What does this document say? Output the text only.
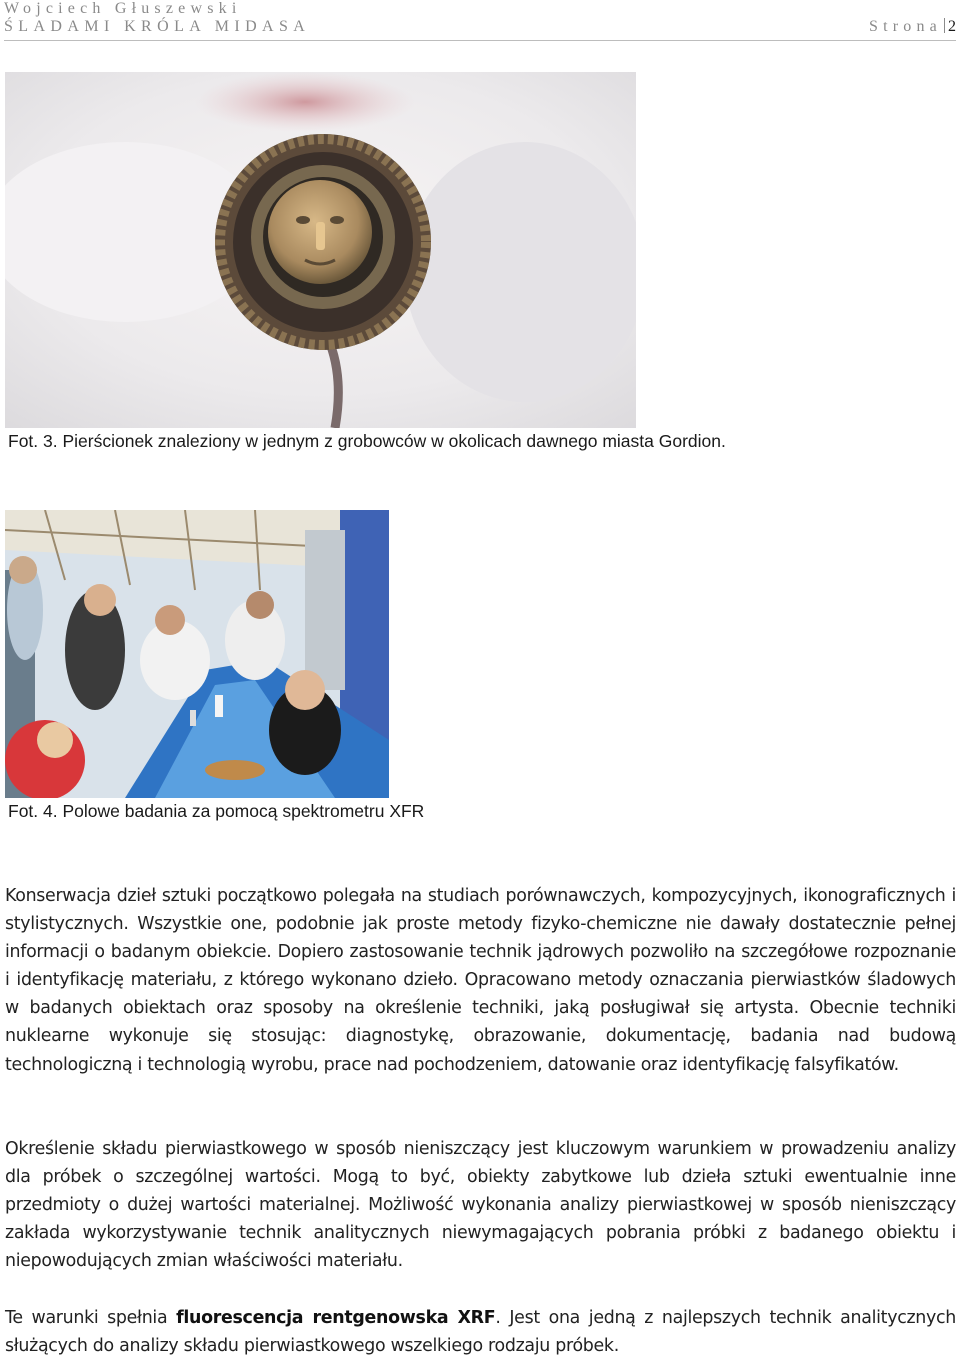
Wojciech Głuszewski
ŚLADAMI KRÓLA MIDASA	Strona 2
Fot. 3. Pierścionek znaleziony w jednym z grobowców w okolicach dawnego miasta Gordion.
Fot. 4. Polowe badania za pomocą spektrometru XFR

Konserwacja dzieł sztuki początkowo polegała na studiach porównawczych, kompozycyjnych, ikonograficznych i stylistycznych. Wszystkie one, podobnie jak proste metody fizyko-chemiczne nie dawały dostatecznie pełnej informacji o badanym obiekcie. Dopiero zastosowanie technik jądrowych pozwoliło na szczegółowe rozpoznanie i identyfikację materiału, z którego wykonano dzieło. Opracowano metody oznaczania pierwiastków śladowych w badanych obiektach oraz sposoby na określenie techniki, jaką posługiwał się artysta. Obecnie techniki nuklearne wykonuje się stosując: diagnostykę, obrazowanie, dokumentację, badania nad budową technologiczną i technologią wyrobu, prace nad pochodzeniem, datowanie oraz identyfikację falsyfikatów.

Określenie składu pierwiastkowego w sposób nieniszczący jest kluczowym warunkiem w prowadzeniu analizy dla próbek o szczególnej wartości. Mogą to być, obiekty zabytkowe lub dzieła sztuki ewentualnie inne przedmioty o dużej wartości materialnej. Możliwość wykonania analizy pierwiastkowej w sposób nieniszczący zakłada wykorzystywanie technik analitycznych niewymagających pobrania próbki z badanego obiektu i niepowodujących zmian właściwości materiału.

Te warunki spełnia fluorescencja rentgenowska XRF. Jest ona jedną z najlepszych technik analitycznych służących do analizy składu pierwiastkowego wszelkiego rodzaju próbek.
